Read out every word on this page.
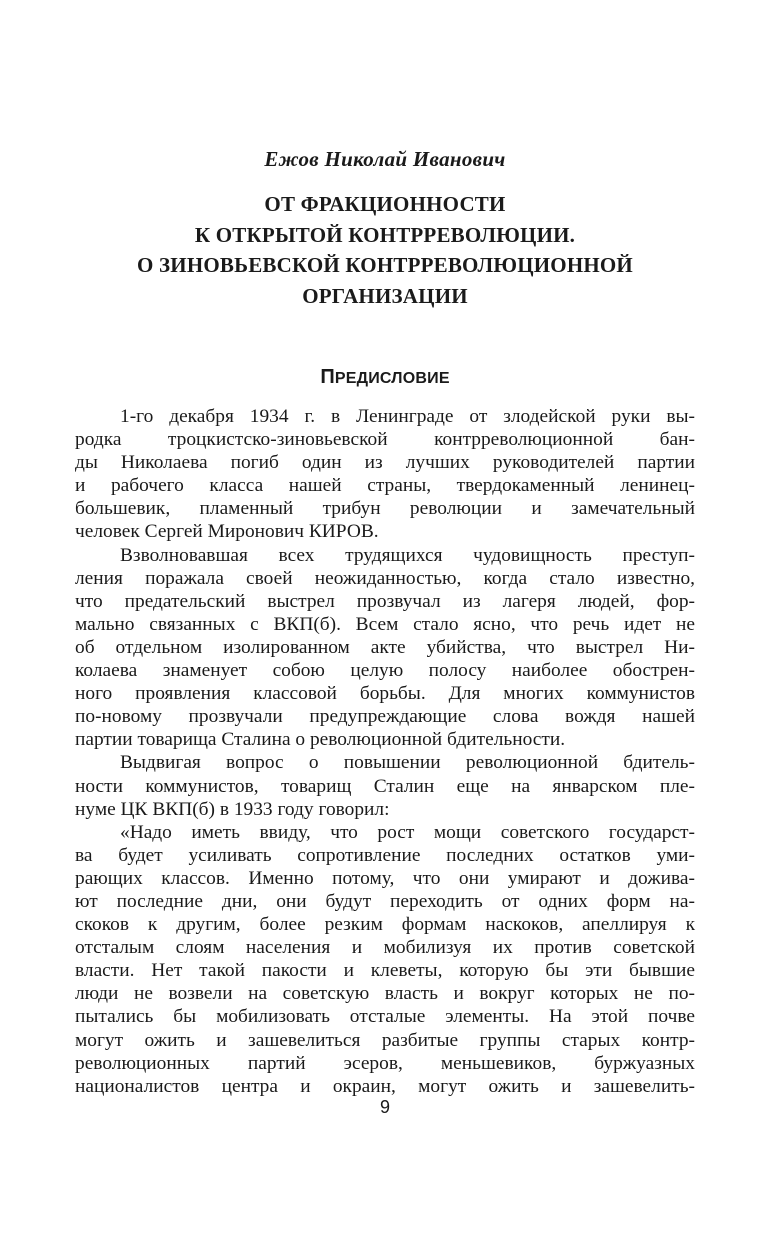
Ежов Николай Иванович
ОТ ФРАКЦИОННОСТИ
К ОТКРЫТОЙ КОНТРРЕВОЛЮЦИИ.
О ЗИНОВЬЕВСКОЙ КОНТРРЕВОЛЮЦИОННОЙ
ОРГАНИЗАЦИИ
ПРЕДИСЛОВИЕ
1-го декабря 1934 г. в Ленинграде от злодейской руки вы-
родка троцкистско-зиновьевской контрреволюционной бан-
ды Николаева погиб один из лучших руководителей партии
и рабочего класса нашей страны, твердокаменный ленинец-
большевик, пламенный трибун революции и замечательный
человек Сергей Миронович КИРОВ.
Взволновавшая всех трудящихся чудовищность преступ-
ления поражала своей неожиданностью, когда стало известно,
что предательский выстрел прозвучал из лагеря людей, фор-
мально связанных с ВКП(б). Всем стало ясно, что речь идет не
об отдельном изолированном акте убийства, что выстрел Ни-
колаева знаменует собою целую полосу наиболее обострен-
ного проявления классовой борьбы. Для многих коммунистов
по-новому прозвучали предупреждающие слова вождя нашей
партии товарища Сталина о революционной бдительности.
Выдвигая вопрос о повышении революционной бдитель-
ности коммунистов, товарищ Сталин еще на январском пле-
нуме ЦК ВКП(б) в 1933 году говорил:
«Надо иметь ввиду, что рост мощи советского государст-
ва будет усиливать сопротивление последних остатков уми-
рающих классов. Именно потому, что они умирают и дожива-
ют последние дни, они будут переходить от одних форм на-
скоков к другим, более резким формам наскоков, апеллируя к
отсталым слоям населения и мобилизуя их против советской
власти. Нет такой пакости и клеветы, которую бы эти бывшие
люди не возвели на советскую власть и вокруг которых не по-
пытались бы мобилизовать отсталые элементы. На этой почве
могут ожить и зашевелиться разбитые группы старых контр-
революционных партий эсеров, меньшевиков, буржуазных
националистов центра и окраин, могут ожить и зашевелить-
9
